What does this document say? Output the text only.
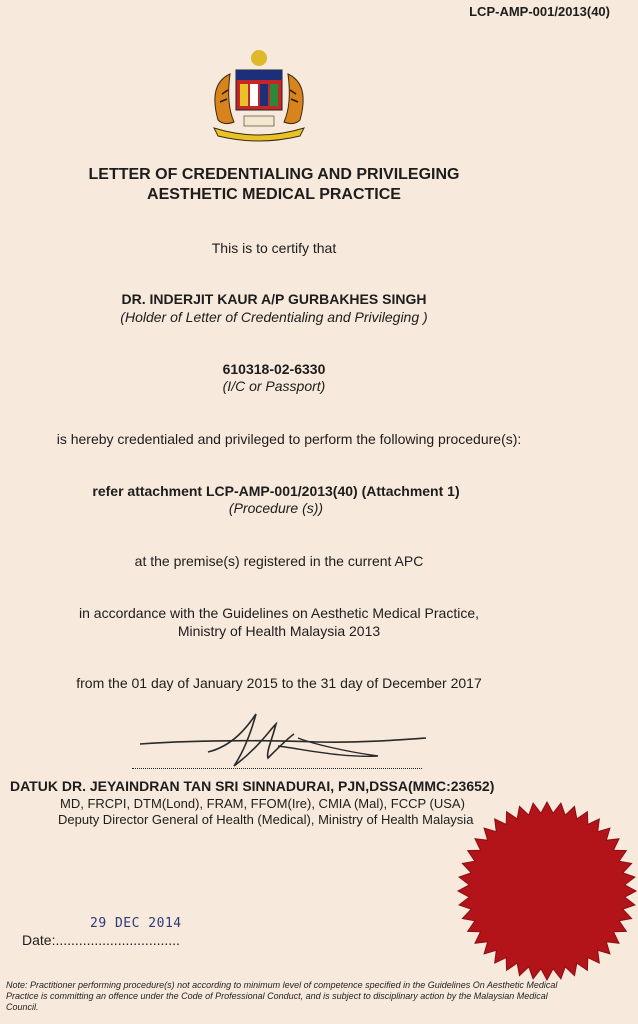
LCP-AMP-001/2013(40)
LETTER OF CREDENTIALING AND PRIVILEGING
AESTHETIC MEDICAL PRACTICE
This is to certify that
DR. INDERJIT KAUR A/P GURBAKHES SINGH
(Holder of Letter of Credentialing and Privileging )
610318-02-6330
(I/C or Passport)
is hereby credentialed and privileged to perform the following procedure(s):
refer attachment LCP-AMP-001/2013(40) (Attachment 1)
(Procedure (s))
at the premise(s) registered in the current APC
in accordance with the Guidelines on Aesthetic Medical Practice,
Ministry of Health Malaysia 2013
from the 01 day of January 2015 to the 31 day of December 2017
DATUK DR. JEYAINDRAN TAN SRI SINNADURAI, PJN,DSSA(MMC:23652)
MD, FRCPI, DTM(Lond), FRAM, FFOM(Ire), CMIA (Mal), FCCP (USA)
Deputy Director General of Health (Medical), Ministry of Health Malaysia
29 DEC 2014
Date:................................
Note: Practitioner performing procedure(s) not according to minimum level of competence specified in the Guidelines On Aesthetic Medical Practice is committing an offence under the Code of Professional Conduct, and is subject to disciplinary action by the Malaysian Medical Council.
